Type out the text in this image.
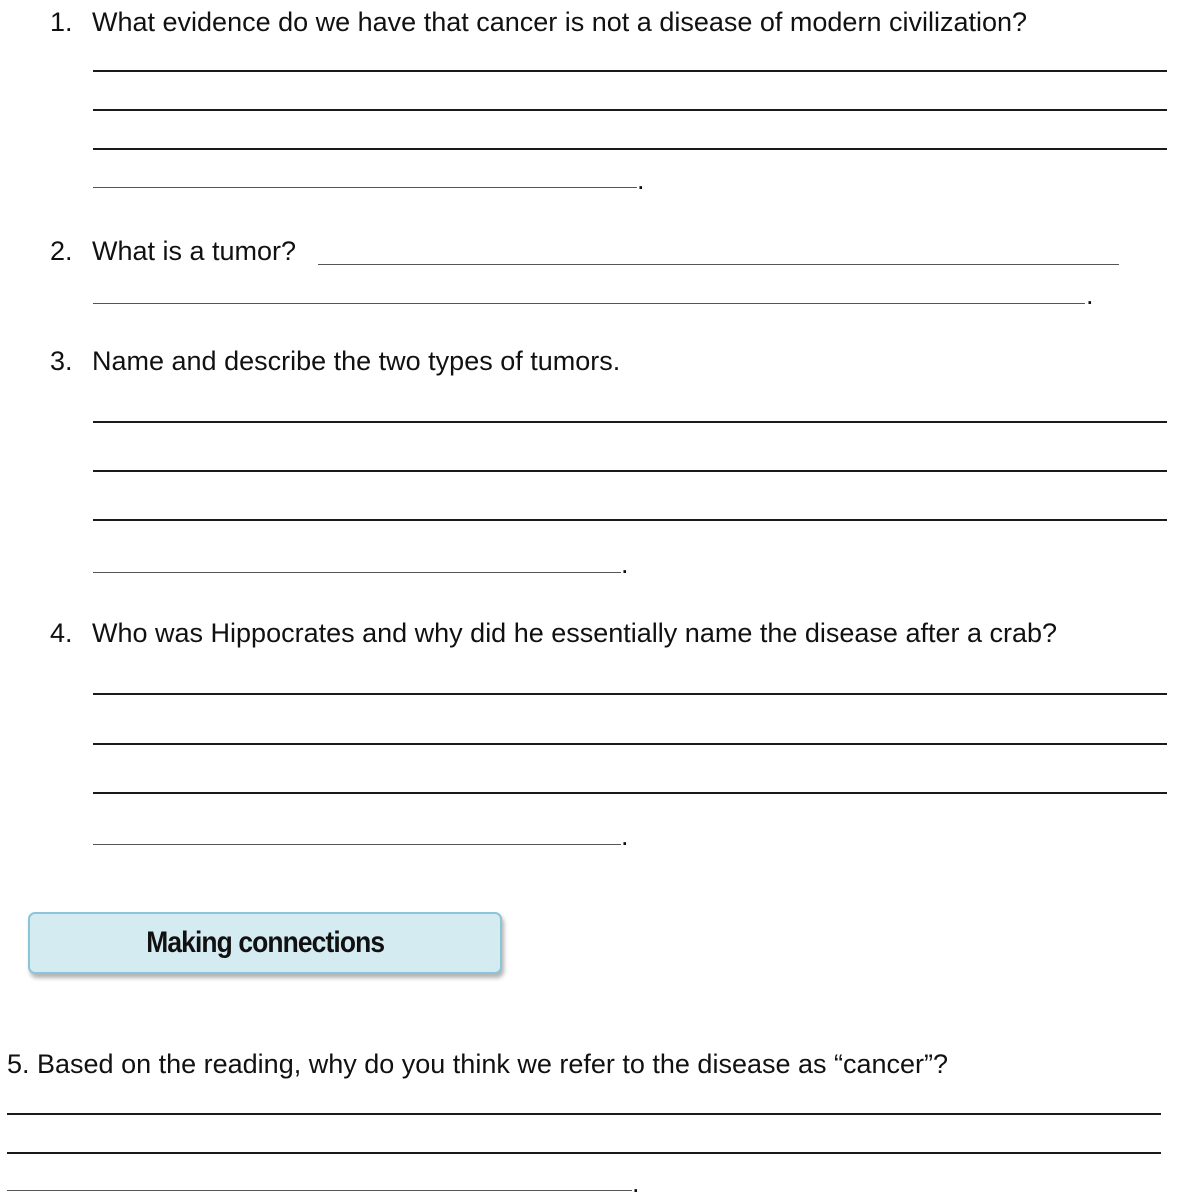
1. What evidence do we have that cancer is not a disease of modern civilization?
.
2. What is a tumor?
.
3. Name and describe the two types of tumors.
.
4. Who was Hippocrates and why did he essentially name the disease after a crab?
.
Making connections
5. Based on the reading, why do you think we refer to the disease as “cancer”?
.
